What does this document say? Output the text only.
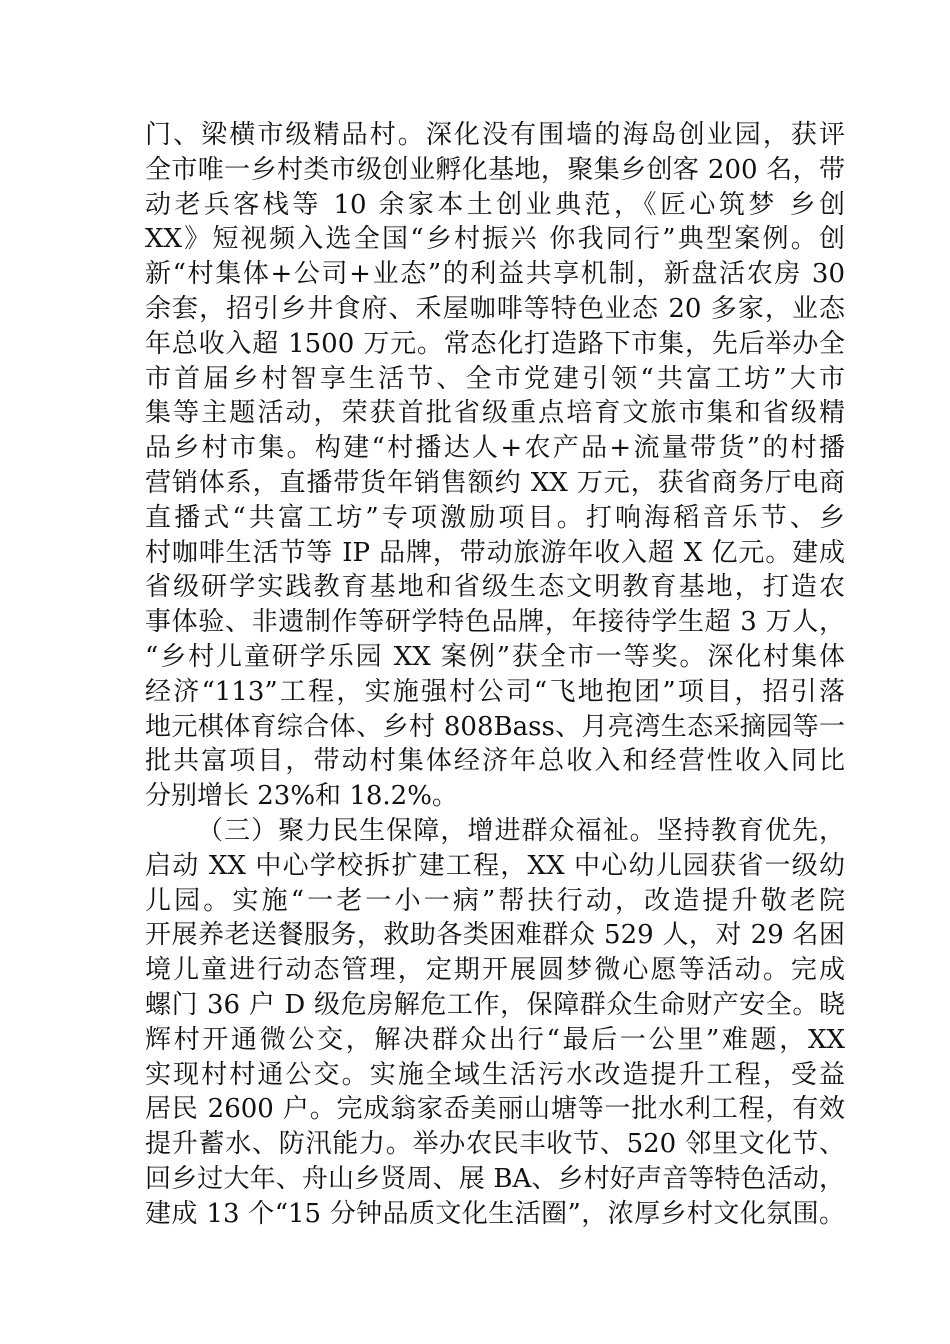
门、梁横市级精品村。深化没有围墙的海岛创业园，获评
全市唯一乡村类市级创业孵化基地，聚集乡创客 200 名，带
动老兵客栈等 10 余家本土创业典范，《匠心筑梦 乡创
XX》短视频入选全国“乡村振兴 你我同行”典型案例。创
新“村集体+公司+业态”的利益共享机制，新盘活农房 30
余套，招引乡井食府、禾屋咖啡等特色业态 20 多家，业态
年总收入超 1500 万元。常态化打造路下市集，先后举办全
市首届乡村智享生活节、全市党建引领“共富工坊”大市
集等主题活动，荣获首批省级重点培育文旅市集和省级精
品乡村市集。构建“村播达人+农产品+流量带货”的村播
营销体系，直播带货年销售额约 XX 万元，获省商务厅电商
直播式“共富工坊”专项激励项目。打响海稻音乐节、乡
村咖啡生活节等 IP 品牌，带动旅游年收入超 X 亿元。建成
省级研学实践教育基地和省级生态文明教育基地，打造农
事体验、非遗制作等研学特色品牌，年接待学生超 3 万人，
“乡村儿童研学乐园 XX 案例”获全市一等奖。深化村集体
经济“113”工程，实施强村公司“飞地抱团”项目，招引落
地元棋体育综合体、乡村 808Bass、月亮湾生态采摘园等一
批共富项目，带动村集体经济年总收入和经营性收入同比
分别增长 23%和 18.2%。
（三）聚力民生保障，增进群众福祉。坚持教育优先，
启动 XX 中心学校拆扩建工程，XX 中心幼儿园获省一级幼
儿园。实施“一老一小一病”帮扶行动，改造提升敬老院
开展养老送餐服务，救助各类困难群众 529 人，对 29 名困
境儿童进行动态管理，定期开展圆梦微心愿等活动。完成
螺门 36 户 D 级危房解危工作，保障群众生命财产安全。晓
辉村开通微公交，解决群众出行“最后一公里”难题，XX
实现村村通公交。实施全域生活污水改造提升工程，受益
居民 2600 户。完成翁家岙美丽山塘等一批水利工程，有效
提升蓄水、防汛能力。举办农民丰收节、520 邻里文化节、
回乡过大年、舟山乡贤周、展 BA、乡村好声音等特色活动，
建成 13 个“15 分钟品质文化生活圈”，浓厚乡村文化氛围。
